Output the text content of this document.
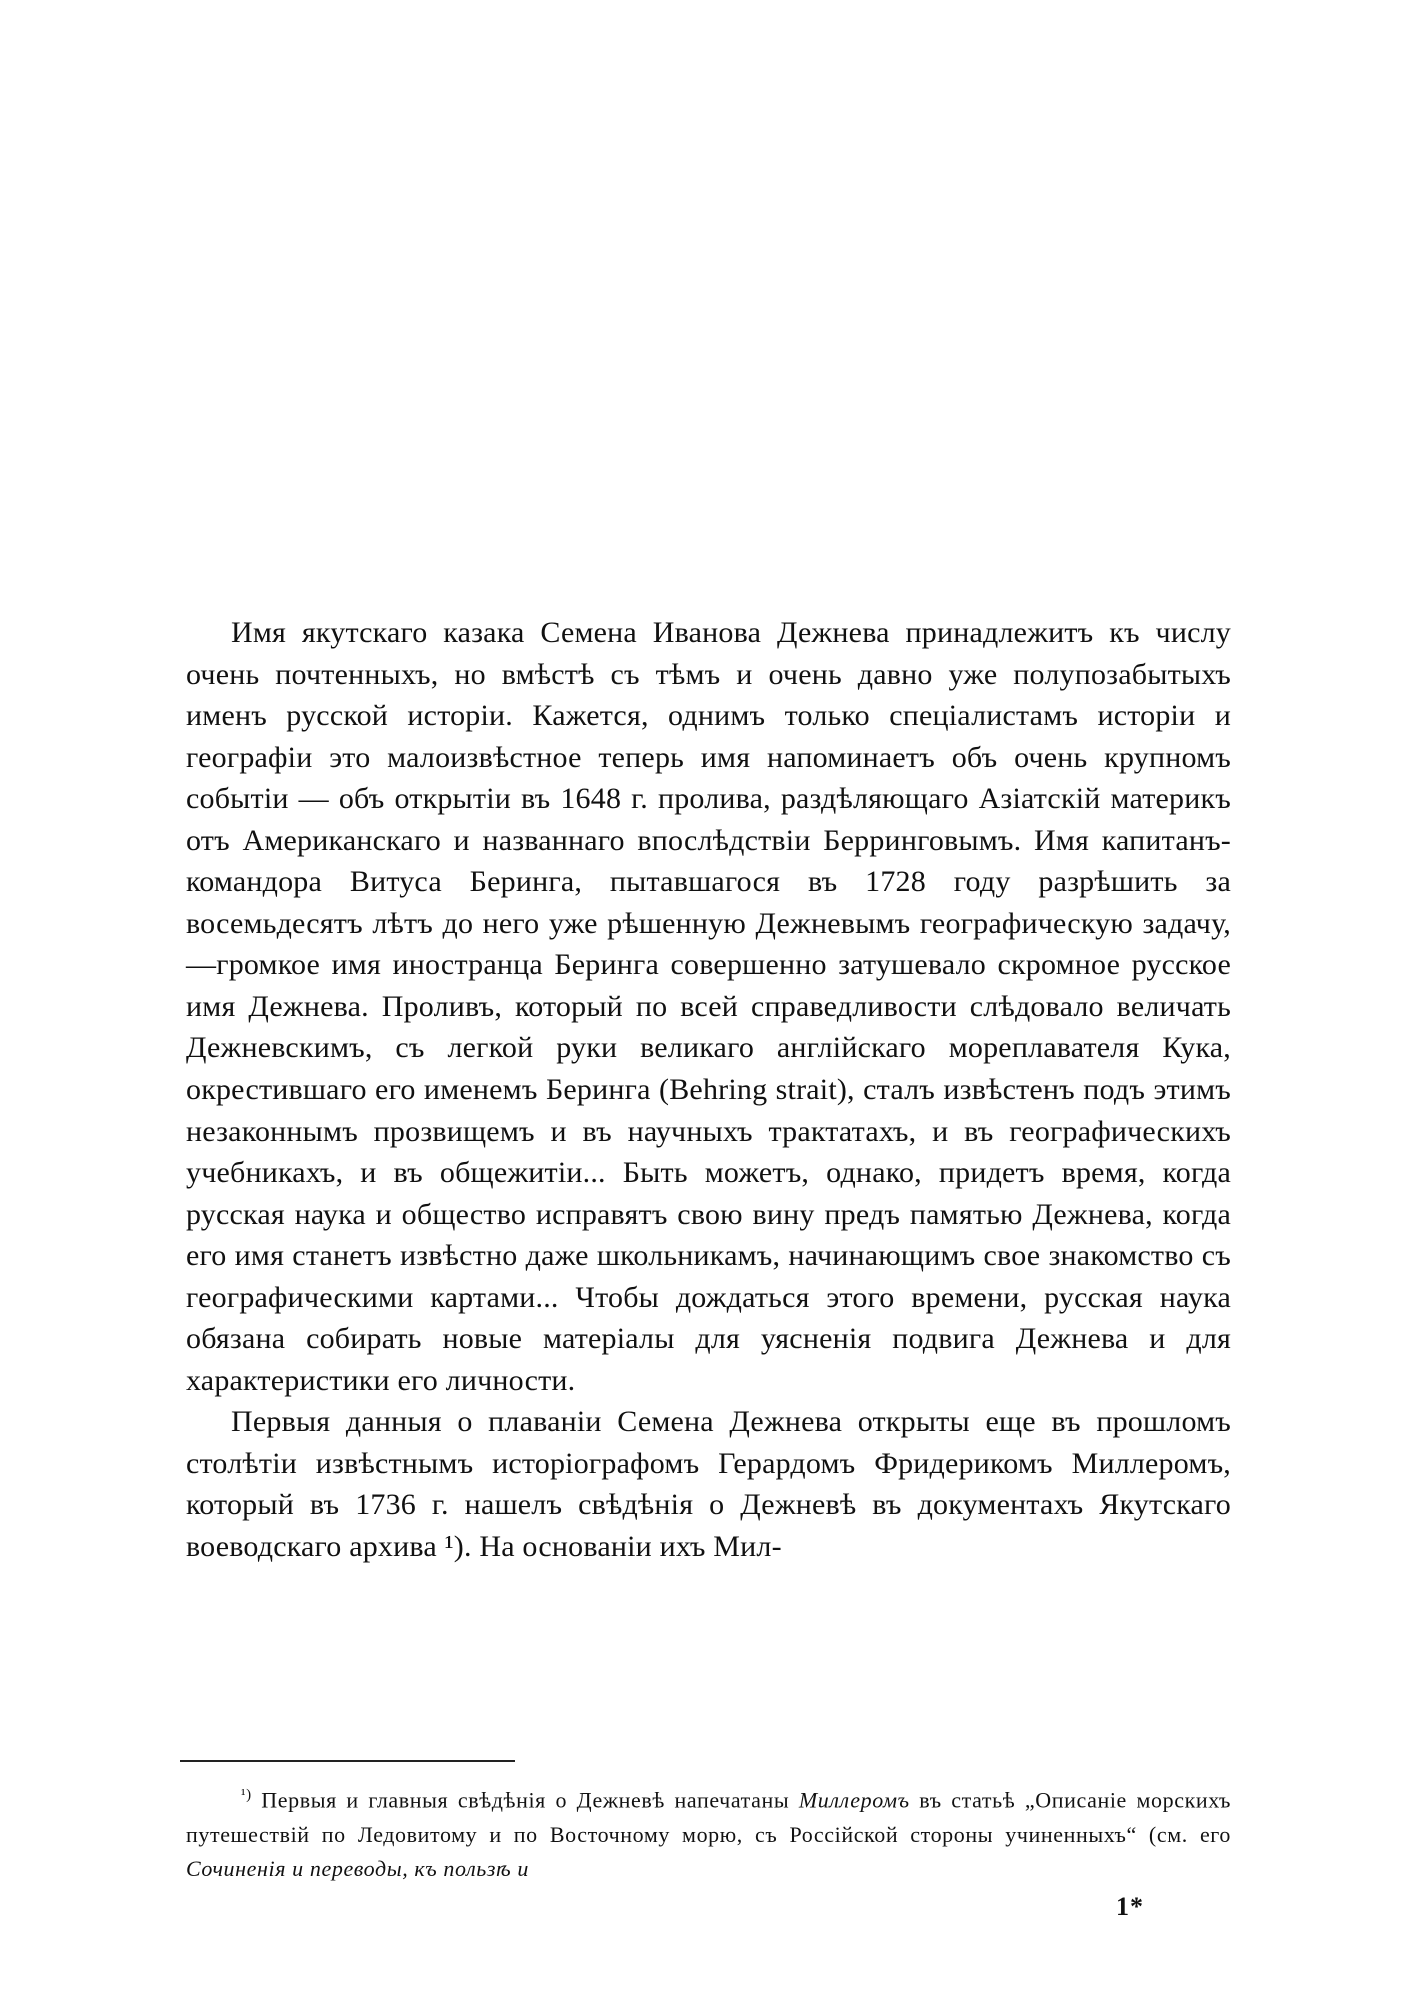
Имя якутскаго казака Семена Иванова Дежнева принадлежитъ къ числу очень почтенныхъ, но вмѣстѣ съ тѣмъ и очень давно уже полупозабытыхъ именъ русской исторіи. Кажется, однимъ только спеціалистамъ исторіи и географіи это малоизвѣстное теперь имя напоминаетъ объ очень крупномъ событіи — объ открытіи въ 1648 г. пролива, раздѣляющаго Азіатскій материкъ отъ Американскаго и названнаго впослѣдствіи Берринговымъ. Имя капитанъ-командора Витуса Беринга, пытавшагося въ 1728 году разрѣшить за восемьдесятъ лѣтъ до него уже рѣшенную Дежневымъ географическую задачу,—громкое имя иностранца Беринга совершенно затушевало скромное русское имя Дежнева. Проливъ, который по всей справедливости слѣдовало величать Дежневскимъ, съ легкой руки великаго англійскаго мореплавателя Кука, окрестившаго его именемъ Беринга (Behring strait), сталъ извѣстенъ подъ этимъ незаконнымъ прозвищемъ и въ научныхъ трактатахъ, и въ географическихъ учебникахъ, и въ общежитіи... Быть можетъ, однако, придетъ время, когда русская наука и общество исправятъ свою вину предъ памятью Дежнева, когда его имя станетъ извѣстно даже школьникамъ, начинающимъ свое знакомство съ географическими картами... Чтобы дождаться этого времени, русская наука обязана собирать новые матеріалы для уясненія подвига Дежнева и для характеристики его личности.

Первыя данныя о плаваніи Семена Дежнева открыты еще въ прошломъ столѣтіи извѣстнымъ исторіографомъ Герардомъ Фридерикомъ Миллеромъ, который въ 1736 г. нашелъ свѣдѣнія о Дежневѣ въ документахъ Якутскаго воеводскаго архива ¹). На основаніи ихъ Мил-

$^{^1)}$ Первыя и главныя свѣдѣнія о Дежневѣ напечатаны Миллеромъ въ статьѣ „Описаніе морскихъ путешествій по Ледовитому и по Восточному морю, съ Россійской стороны учиненныхъ“ (см. его Сочиненія и переводы, къ пользѣ и

1*
